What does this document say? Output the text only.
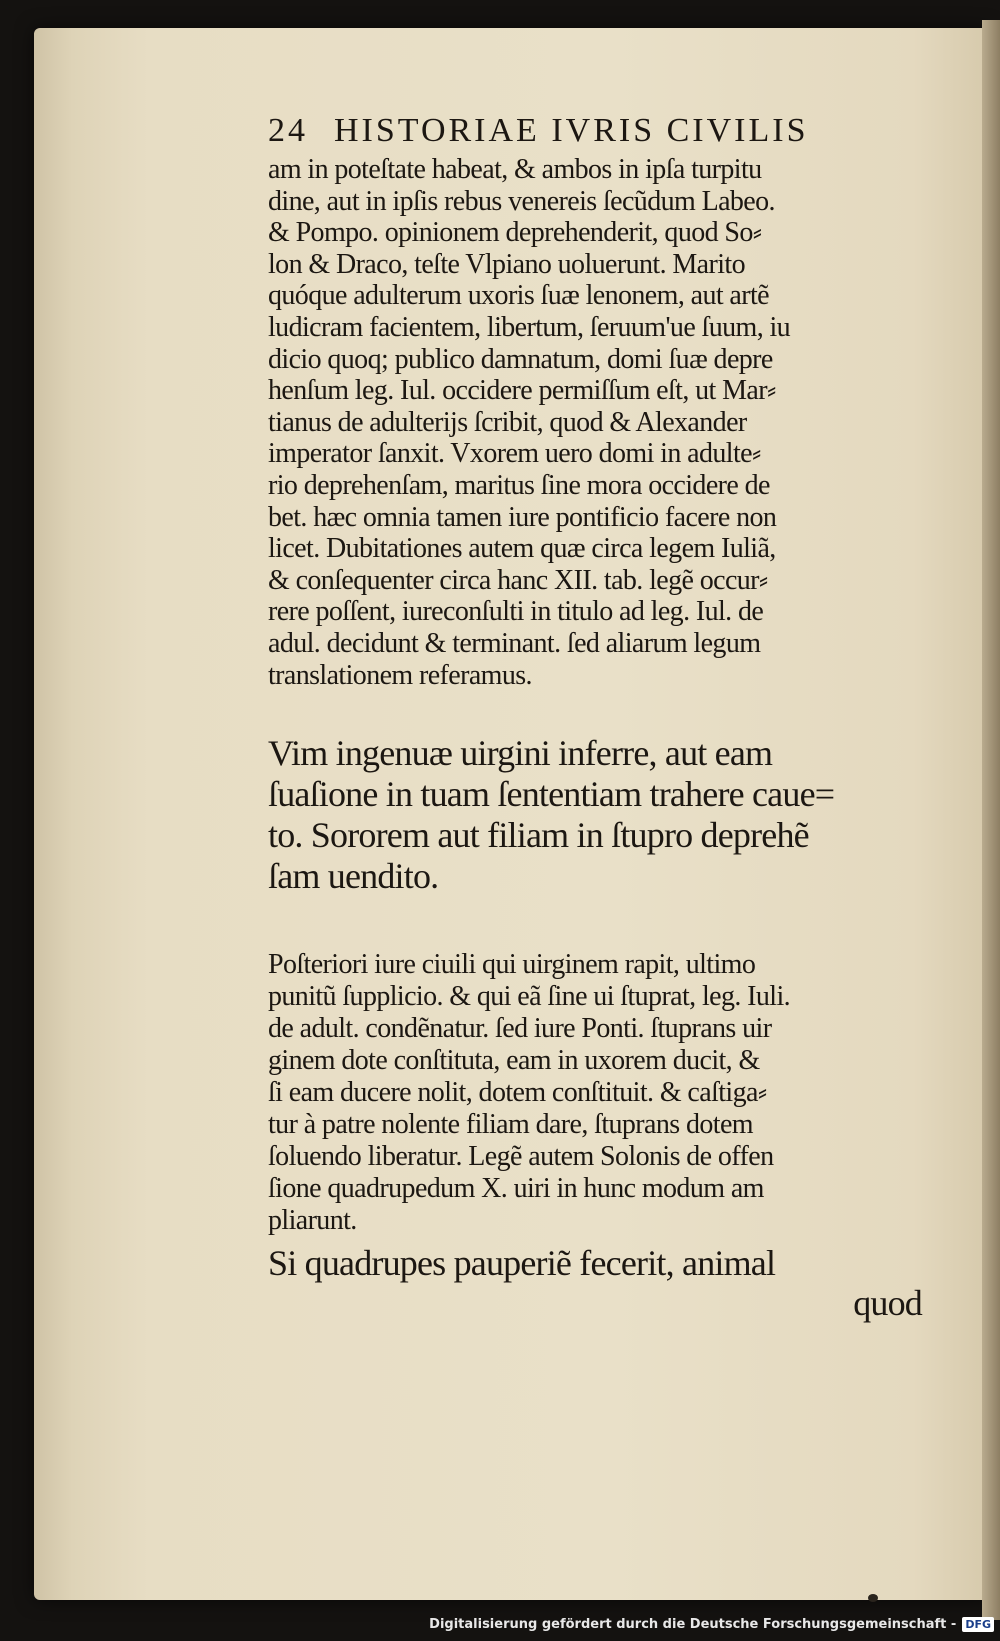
24 HISTORIAE IVRIS CIVILIS
am in poteſtate habeat, & ambos in ipſa turpitu
dine, aut in ipſis rebus venereis ſecũdum Labeo.
& Pompo. opinionem deprehenderit, quod So⸗
lon & Draco, teſte Vlpiano uoluerunt. Marito
quóque adulterum uxoris ſuæ lenonem, aut artẽ
ludicram facientem, libertum, ſeruum'ue ſuum, iu
dicio quoq; publico damnatum, domi ſuæ depre
henſum leg. Iul. occidere permiſſum eſt, ut Mar⸗
tianus de adulterijs ſcribit, quod & Alexander
imperator ſanxit. Vxorem uero domi in adulte⸗
rio deprehenſam, maritus ſine mora occidere de
bet. hæc omnia tamen iure pontificio facere non
licet. Dubitationes autem quæ circa legem Iuliã,
& conſequenter circa hanc XII. tab. legẽ occur⸗
rere poſſent, iureconſulti in titulo ad leg. Iul. de
adul. decidunt & terminant. ſed aliarum legum
translationem referamus.
Vim ingenuæ uirgini inferre, aut eam
ſuaſione in tuam ſententiam trahere caue=
to. Sororem aut filiam in ſtupro deprehẽ
ſam uendito.
Poſteriori iure ciuili qui uirginem rapit, ultimo
punitũ ſupplicio. & qui eã ſine ui ſtuprat, leg. Iuli.
de adult. condẽnatur. ſed iure Ponti. ſtuprans uir
ginem dote conſtituta, eam in uxorem ducit, &
ſi eam ducere nolit, dotem conſtituit. & caſtiga⸗
tur à patre nolente filiam dare, ſtuprans dotem
ſoluendo liberatur. Legẽ autem Solonis de offen
ſione quadrupedum X. uiri in hunc modum am
pliarunt.
Si quadrupes pauperiẽ fecerit, animal
quod
Digitalisierung gefördert durch die Deutsche Forschungsgemeinschaft - DFG
